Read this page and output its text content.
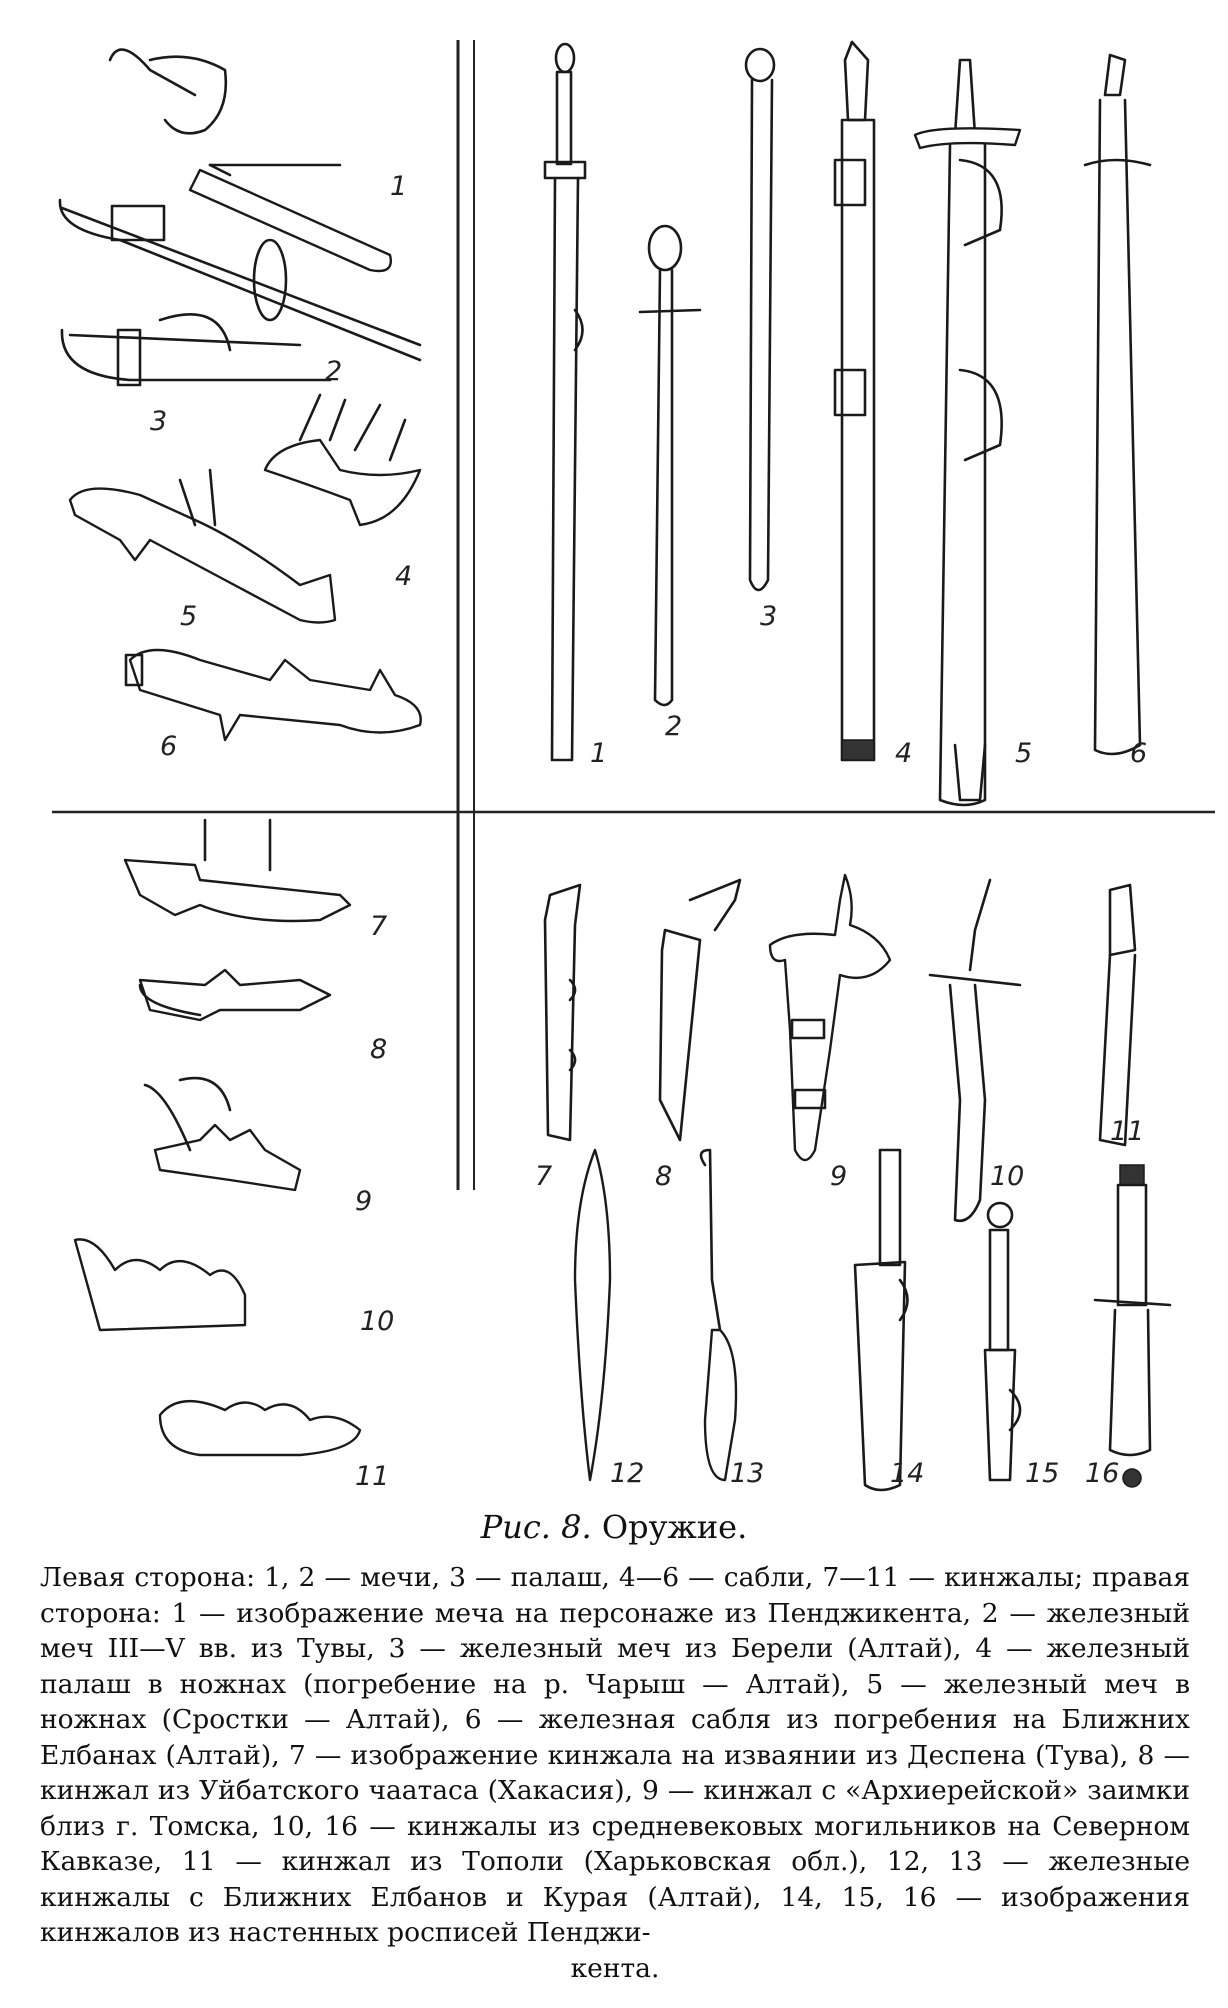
1
2
3
4
5
6
7
8
9
10
11
1
2
3
4	5	6
7	8	9	10
11
12	13	14	15 16
Рис. 8. Оружие.

Левая сторона: 1, 2 — мечи, 3 — палаш, 4—6 — сабли, 7—11 — кинжалы; правая сторона: 1 — изображение меча на персонаже из Пенджикента, 2 — железный меч III—V вв. из Тувы, 3 — железный меч из Берели (Алтай), 4 — железный палаш в ножнах (погребение на р. Чарыш — Алтай), 5 — железный меч в ножнах (Сростки — Алтай), 6 — железная сабля из погребения на Ближних Елбанах (Алтай), 7 — изображение кинжала на изваянии из Деспена (Тува), 8 — кинжал из Уйбатского чаатаса (Хакасия), 9 — кинжал с «Архиерейской» заимки близ г. Томска, 10, 16 — кинжалы из средневековых могильников на Северном Кавказе, 11 — кинжал из Тополи (Харьковская обл.), 12, 13 — железные кинжалы с Ближних Елбанов и Курая (Алтай), 14, 15, 16 — изображения кинжалов из настенных росписей Пенджи-

кента.
